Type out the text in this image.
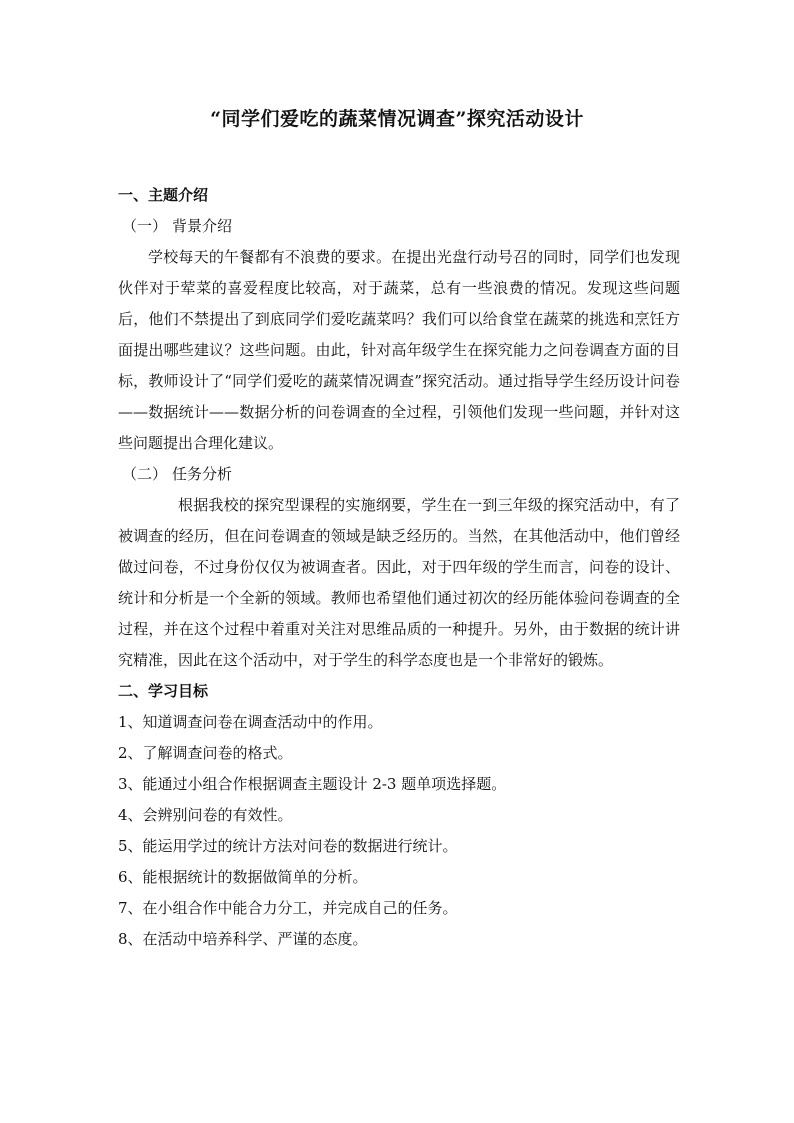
“同学们爱吃的蔬菜情况调查”探究活动设计
一、主题介绍
（一） 背景介绍
学校每天的午餐都有不浪费的要求。在提出光盘行动号召的同时，同学们也发现伙伴对于荤菜的喜爱程度比较高，对于蔬菜，总有一些浪费的情况。发现这些问题后，他们不禁提出了到底同学们爱吃蔬菜吗？我们可以给食堂在蔬菜的挑选和烹饪方面提出哪些建议？这些问题。由此，针对高年级学生在探究能力之问卷调查方面的目标，教师设计了“同学们爱吃的蔬菜情况调查”探究活动。通过指导学生经历设计问卷——数据统计——数据分析的问卷调查的全过程，引领他们发现一些问题，并针对这些问题提出合理化建议。
（二） 任务分析
根据我校的探究型课程的实施纲要，学生在一到三年级的探究活动中，有了被调查的经历，但在问卷调查的领域是缺乏经历的。当然，在其他活动中，他们曾经做过问卷，不过身份仅仅为被调查者。因此，对于四年级的学生而言，问卷的设计、统计和分析是一个全新的领域。教师也希望他们通过初次的经历能体验问卷调查的全过程，并在这个过程中着重对关注对思维品质的一种提升。另外，由于数据的统计讲究精准，因此在这个活动中，对于学生的科学态度也是一个非常好的锻炼。
二、学习目标
1、知道调查问卷在调查活动中的作用。
2、了解调查问卷的格式。
3、能通过小组合作根据调查主题设计 2-3 题单项选择题。
4、会辨别问卷的有效性。
5、能运用学过的统计方法对问卷的数据进行统计。
6、能根据统计的数据做简单的分析。
7、在小组合作中能合力分工，并完成自己的任务。
8、在活动中培养科学、严谨的态度。
